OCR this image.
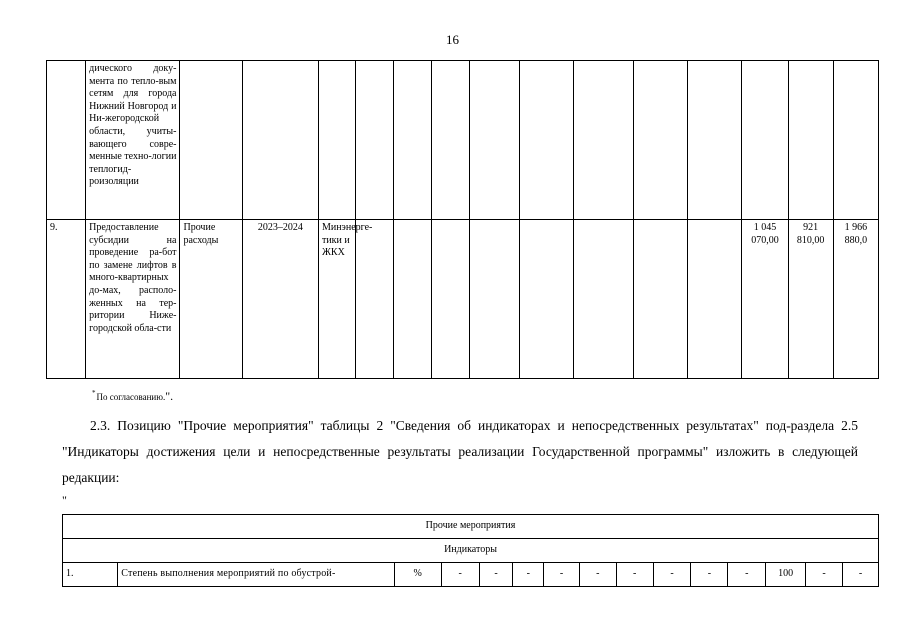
16
	дического доку-мента по тепло-вым сетям для города Нижний Новгород и Ни-жегородской области, учиты-вающего совре-менные техно-логии теплогид-роизоляции														
9.	Предоставление субсидии на проведение ра-бот по замене лифтов в много-квартирных до-мах, располо-женных на тер-ритории Ниже-городской обла-сти	Прочие расходы	2023–2024	Минэнерге-тики и ЖКХ									1 045 070,00	921 810,00	1 966 880,0
*По согласованию.".
2.3. Позицию "Прочие мероприятия" таблицы 2 "Сведения об индикаторах и непосредственных результатах" под-раздела 2.5 "Индикаторы достижения цели и непосредственные результаты реализации Государственной программы" изложить в следующей редакции:
"
Прочие мероприятия
Индикаторы
1.	Степень выполнения мероприятий по обустрой-	%	-	-	-	-	-	-	-	-	-	100	-	-
